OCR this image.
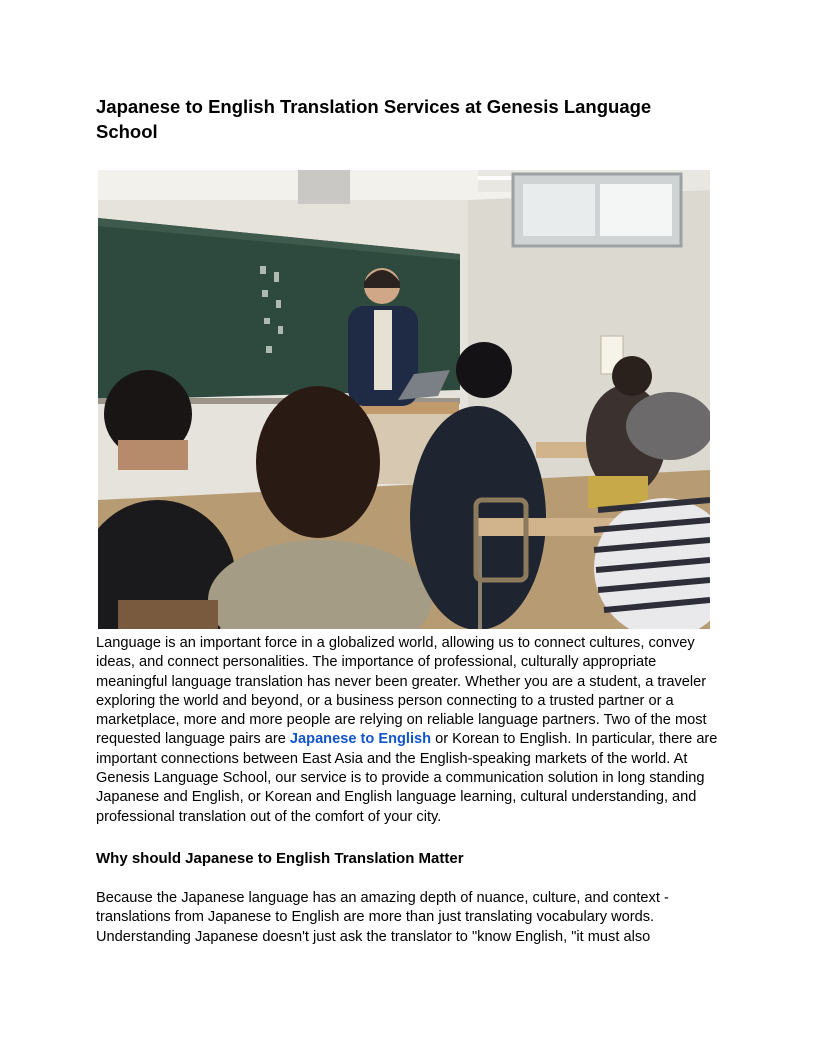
Japanese to English Translation Services at Genesis Language School

Language is an important force in a globalized world, allowing us to connect cultures, convey ideas, and connect personalities. The importance of professional, culturally appropriate meaningful language translation has never been greater. Whether you are a student, a traveler exploring the world and beyond, or a business person connecting to a trusted partner or a marketplace, more and more people are relying on reliable language partners. Two of the most requested language pairs are Japanese to English or Korean to English. In particular, there are important connections between East Asia and the English-speaking markets of the world. At Genesis Language School, our service is to provide a communication solution in long standing Japanese and English, or Korean and English language learning, cultural understanding, and professional translation out of the comfort of your city.

Why should Japanese to English Translation Matter

Because the Japanese language has an amazing depth of nuance, culture, and context - translations from Japanese to English are more than just translating vocabulary words. Understanding Japanese doesn't just ask the translator to "know English, "it must also
